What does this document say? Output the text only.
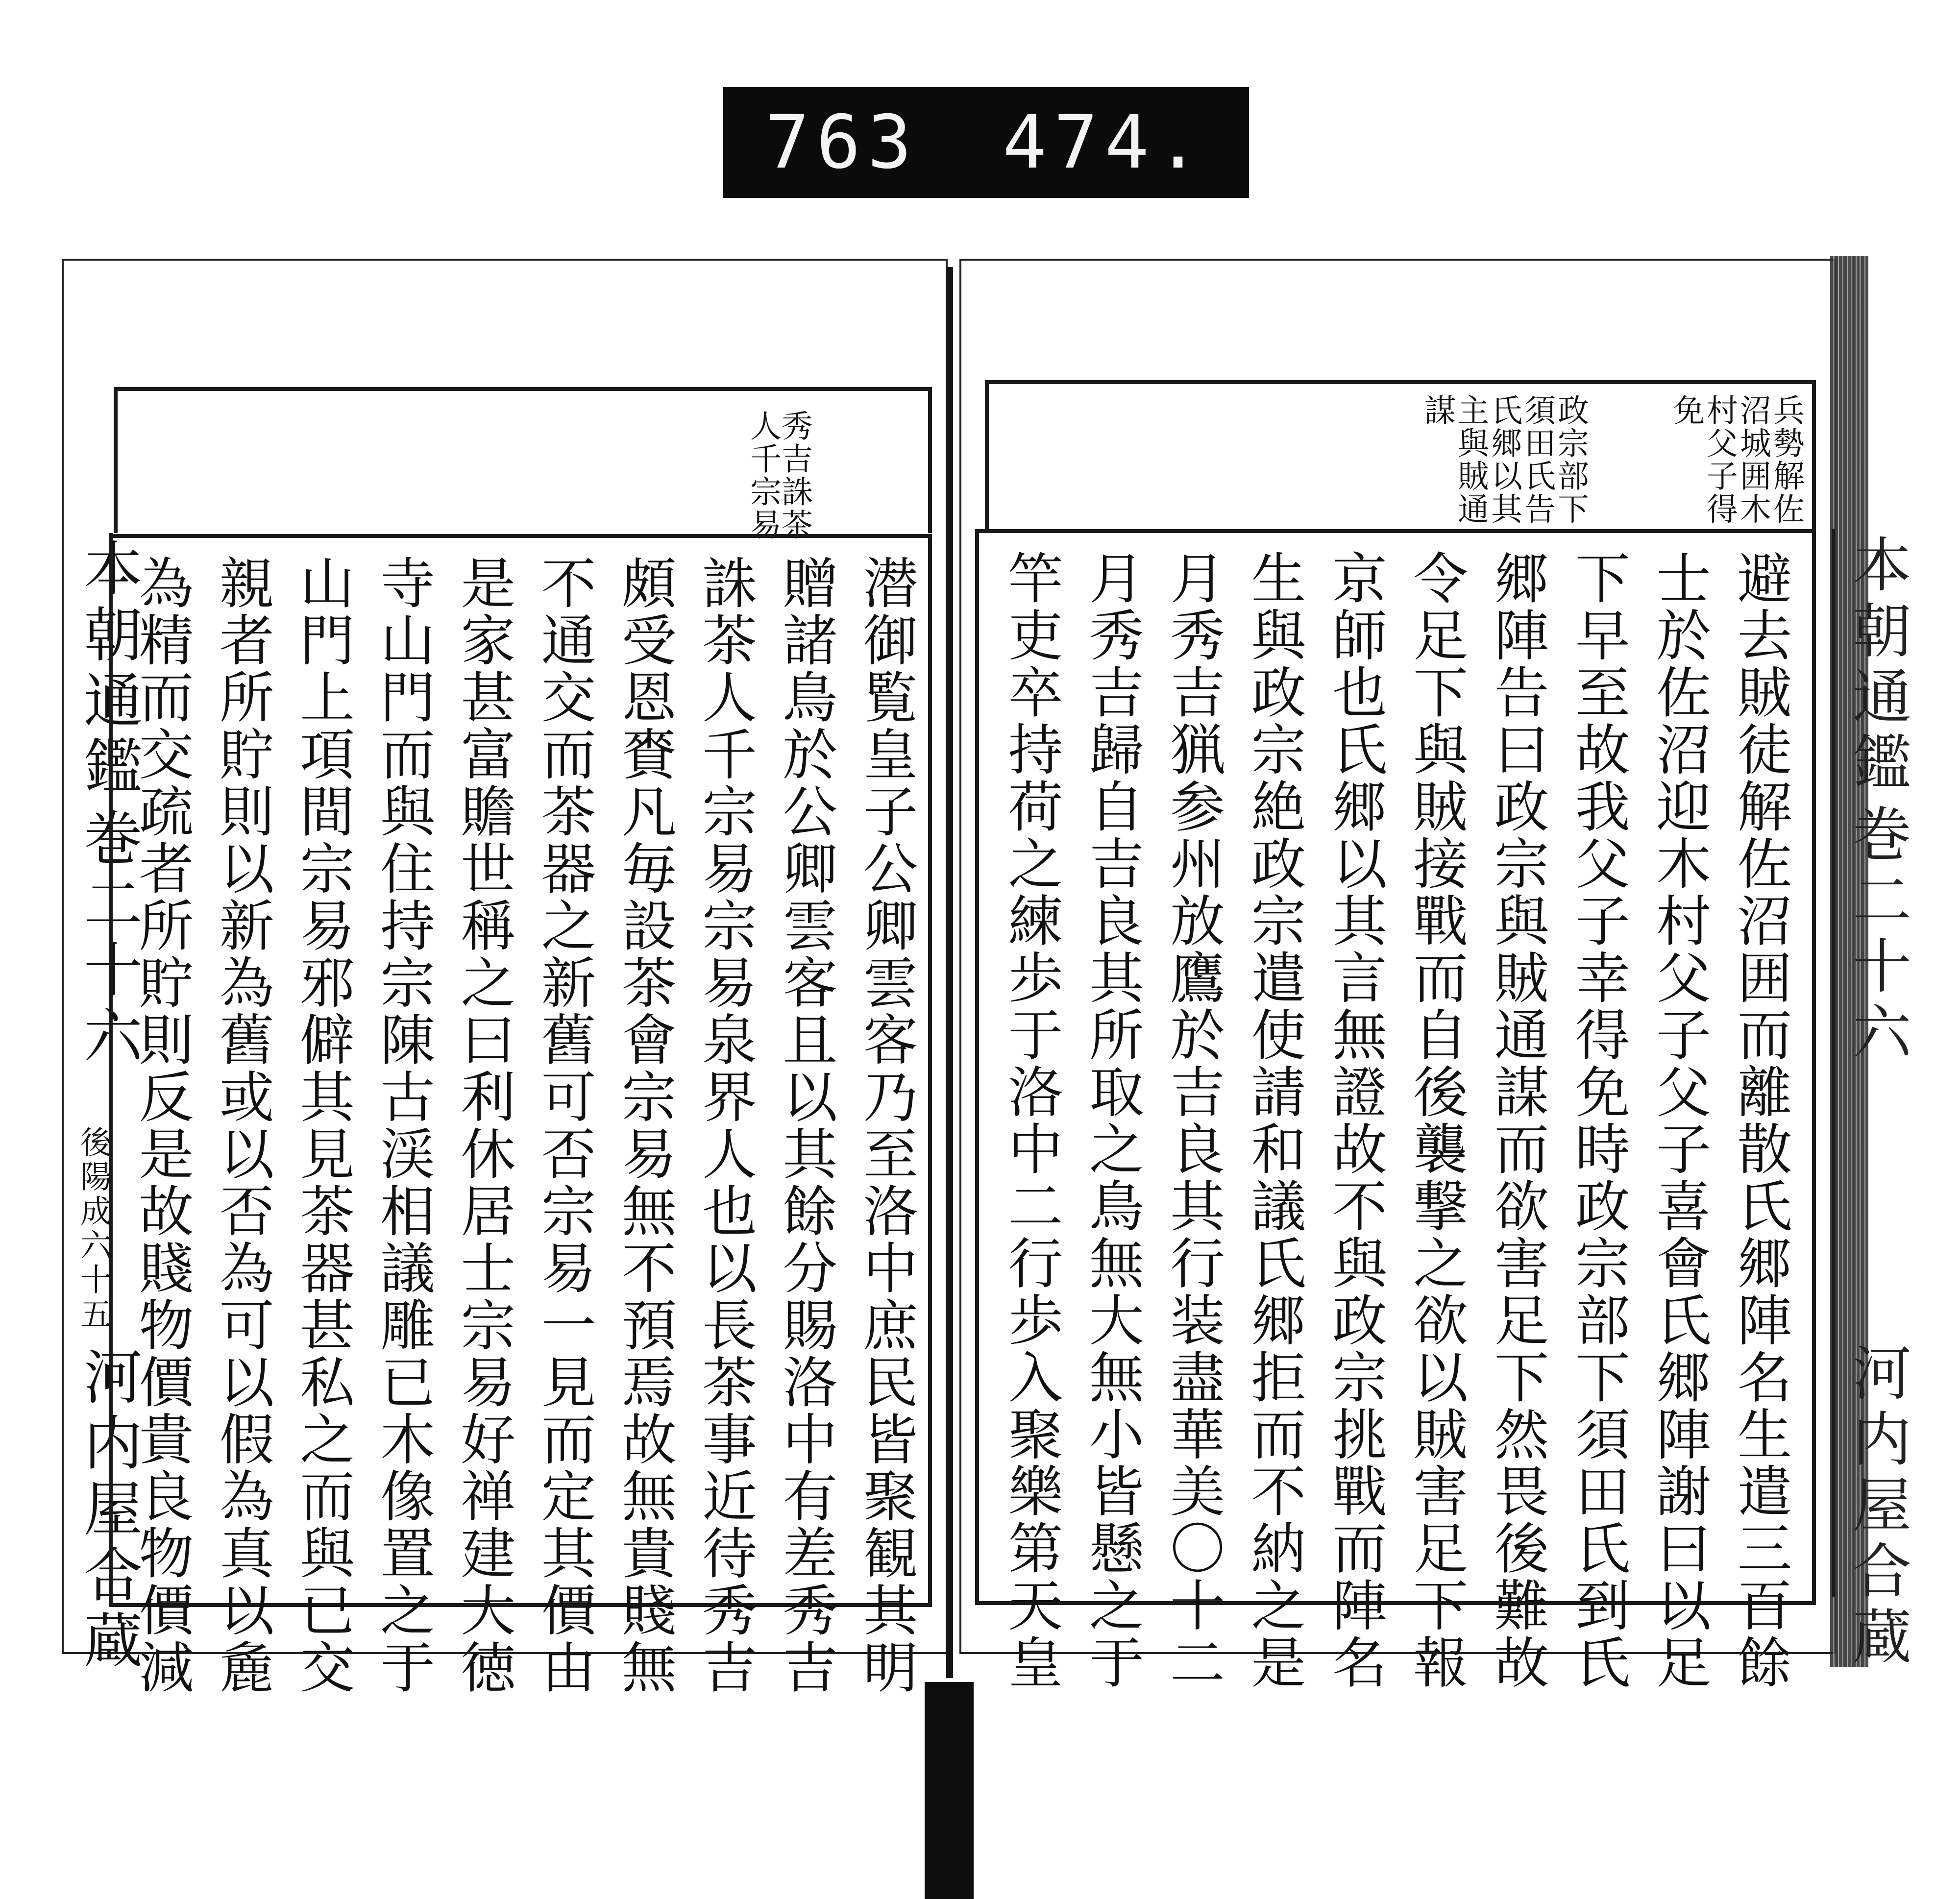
763 474.
本朝通鑑
巻二十六
後陽成
六十五
河内屋合蔵
秀吉誅茶
人千宗易
潜御覧皇子公卿雲客乃至洛中庶民皆聚観其明
贈諸鳥於公卿雲客且以其餘分賜洛中有差秀吉
誅茶人千宗易宗易泉界人也以長茶事近待秀吉
頗受恩賚凡毎設茶會宗易無不預焉故無貴賤無
不通交而茶器之新舊可否宗易一見而定其價由
是家甚富贍世稱之曰利休居士宗易好禅建大徳
寺山門而與住持宗陳古渓相議雕已木像置之于
山門上項間宗易邪僻其見茶器甚私之而與已交
親者所貯則以新為舊或以否為可以假為真以麁
為精而交疏者所貯則反是故賤物價貴良物價減
兵勢解佐
沼城囲木
村父子得
免
政宗部下
須田氏告
氏郷以其
主與賊通
謀
避去賊徒解佐沼囲而離散氏郷陣名生遣三百餘
士於佐沼迎木村父子父子喜會氏郷陣謝曰以足
下早至故我父子幸得免時政宗部下須田氏到氏
郷陣告曰政宗與賊通謀而欲害足下然畏後難故
令足下與賊接戰而自後襲撃之欲以賊害足下報
京師也氏郷以其言無證故不與政宗挑戰而陣名
生與政宗絶政宗遣使請和議氏郷拒而不納之是
月秀吉猟参州放鷹於吉良其行装盡華美〇十二
月秀吉歸自吉良其所取之鳥無大無小皆懸之于
竿吏卒持荷之練歩于洛中二行歩入聚樂第天皇	本朝通鑑
巻二十六
河内屋合蔵
